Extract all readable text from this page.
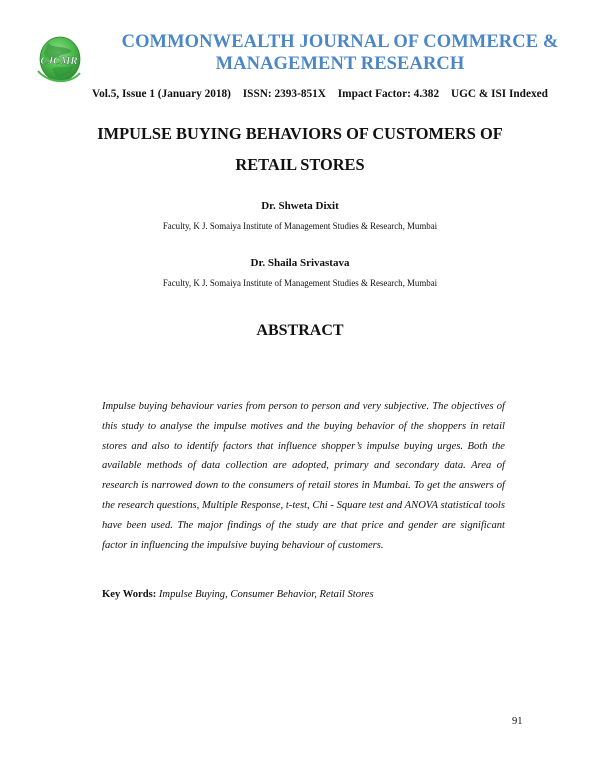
CJCMR
COMMONWEALTH JOURNAL OF COMMERCE &
MANAGEMENT RESEARCH
Vol.5, Issue 1 (January 2018) ISSN: 2393-851X Impact Factor: 4.382 UGC & ISI Indexed
IMPULSE BUYING BEHAVIORS OF CUSTOMERS OF
RETAIL STORES
Dr. Shweta Dixit
Faculty, K J. Somaiya Institute of Management Studies & Research, Mumbai
Dr. Shaila Srivastava
Faculty, K J. Somaiya Institute of Management Studies & Research, Mumbai
ABSTRACT
Impulse buying behaviour varies from person to person and very subjective. The objectives of this study to analyse the impulse motives and the buying behavior of the shoppers in retail stores and also to identify factors that influence shopper’s impulse buying urges. Both the available methods of data collection are adopted, primary and secondary data. Area of research is narrowed down to the consumers of retail stores in Mumbai. To get the answers of the research questions, Multiple Response, t-test, Chi - Square test and ANOVA statistical tools have been used. The major findings of the study are that price and gender are significant factor in influencing the impulsive buying behaviour of customers.
Key Words: Impulse Buying, Consumer Behavior, Retail Stores
91
